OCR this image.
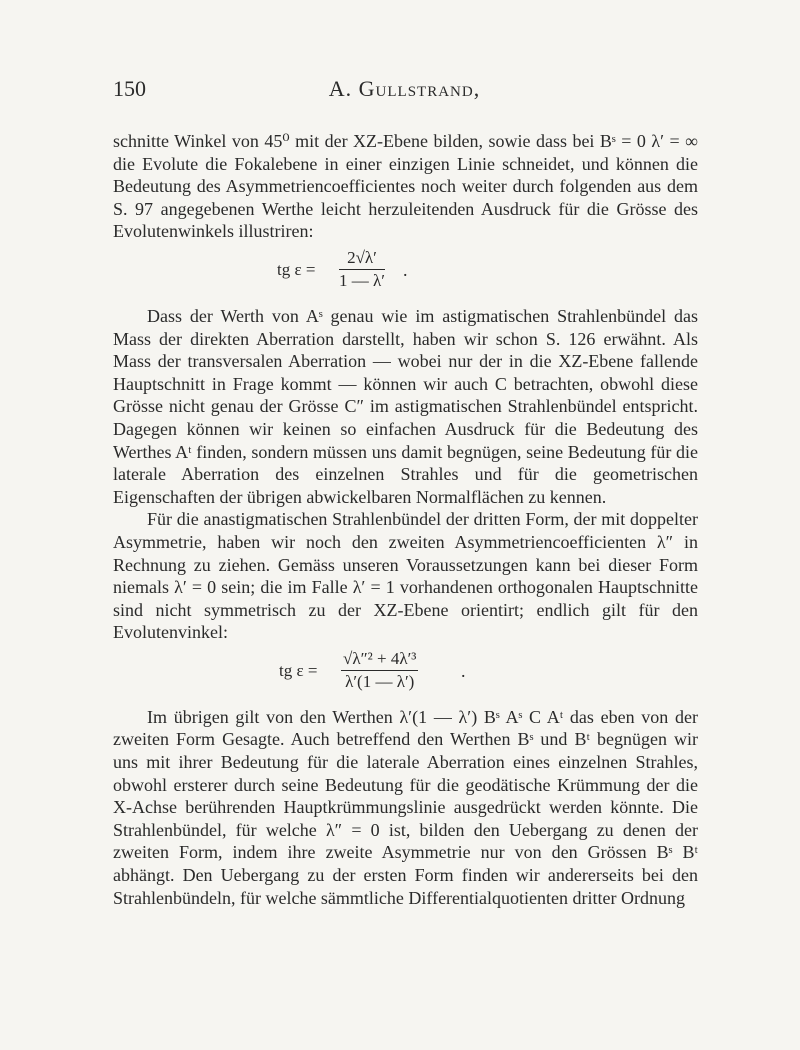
150	A. Gullstrand,

schnitte Winkel von 45⁰ mit der XZ-Ebene bilden, sowie dass bei Bˢ = 0 λ′ = ∞ die Evolute die Fokalebene in einer einzigen Linie schneidet, und können die Bedeutung des Asymmetriencoefficientes noch weiter durch folgenden aus dem S. 97 angegebenen Werthe leicht herzuleitenden Ausdruck für die Grösse des Evolutenwinkels illustriren:

tg $\varepsilon = \frac{2√\lambda'}{1 — \lambda'}$ .

Dass der Werth von Aˢ genau wie im astigmatischen Strahlenbündel das Mass der direkten Aberration darstellt, haben wir schon S. 126 erwähnt. Als Mass der transversalen Aberration — wobei nur der in die XZ-Ebene fallende Hauptschnitt in Frage kommt — können wir auch C betrachten, obwohl diese Grösse nicht genau der Grösse C″ im astigmatischen Strahlenbündel entspricht. Dagegen können wir keinen so einfachen Ausdruck für die Bedeutung des Werthes Aᵗ finden, sondern müssen uns damit begnügen, seine Bedeutung für die laterale Aberration des einzelnen Strahles und für die geometrischen Eigenschaften der übrigen abwickelbaren Normalflächen zu kennen.

Für die anastigmatischen Strahlenbündel der dritten Form, der mit doppelter Asymmetrie, haben wir noch den zweiten Asymmetriencoefficienten λ″ in Rechnung zu ziehen. Gemäss unseren Voraussetzungen kann bei dieser Form niemals λ′ = 0 sein; die im Falle λ′ = 1 vorhandenen orthogonalen Hauptschnitte sind nicht symmetrisch zu der XZ-Ebene orientirt; endlich gilt für den Evolutenvinkel:

tg $\varepsilon = \frac{\text{√λ″² + 4λ′³}}{\lambda'(1 — \lambda')}$ .

Im übrigen gilt von den Werthen λ′(1 — λ′) Bˢ Aˢ C Aᵗ das eben von der zweiten Form Gesagte. Auch betreffend den Werthen Bˢ und Bᵗ begnügen wir uns mit ihrer Bedeutung für die laterale Aberration eines einzelnen Strahles, obwohl ersterer durch seine Bedeutung für die geodätische Krümmung der die X-Achse berührenden Hauptkrümmungslinie ausgedrückt werden könnte. Die Strahlenbündel, für welche λ″ = 0 ist, bilden den Uebergang zu denen der zweiten Form, indem ihre zweite Asymmetrie nur von den Grössen Bˢ Bᵗ abhängt. Den Uebergang zu der ersten Form finden wir andererseits bei den Strahlenbündeln, für welche sämmtliche Differentialquotienten dritter Ordnung
